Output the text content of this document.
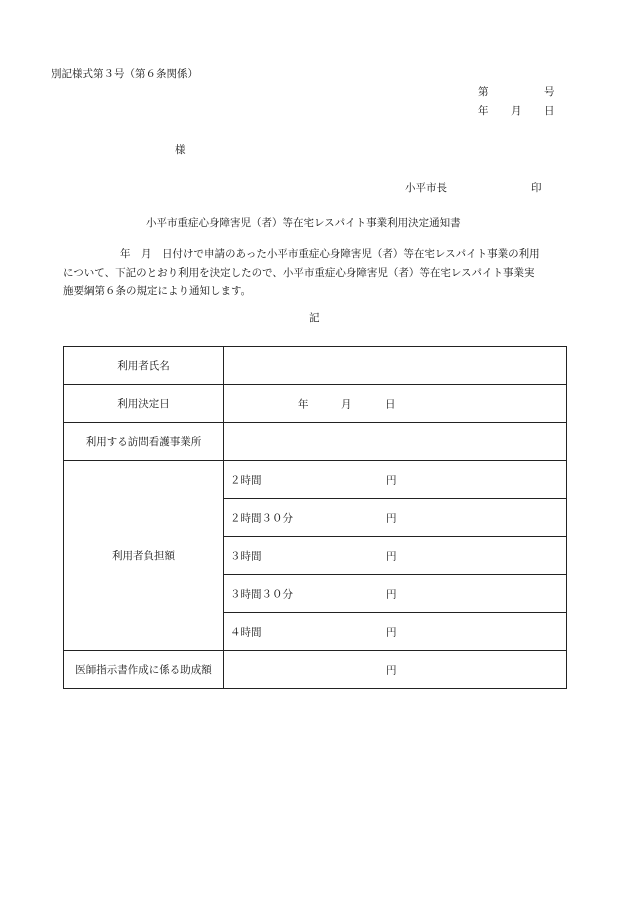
別記様式第３号（第６条関係）
第	号
年 月 日
様
小平市長	印
小平市重症心身障害児（者）等在宅レスパイト事業利用決定通知書
年　月　日付けで申請のあった小平市重症心身障害児（者）等在宅レスパイト事業の利用
について、下記のとおり利用を決定したので、小平市重症心身障害児（者）等在宅レスパイト事業実
施要綱第６条の規定により通知します。
記
利用者氏名	
利用決定日	年 月 日

利用する訪問看護事業所	
利用者負担額	２時間 円

	２時間３０分 円

	３時間 円

	３時間３０分 円

	４時間 円

医師指示書作成に係る助成額	円
